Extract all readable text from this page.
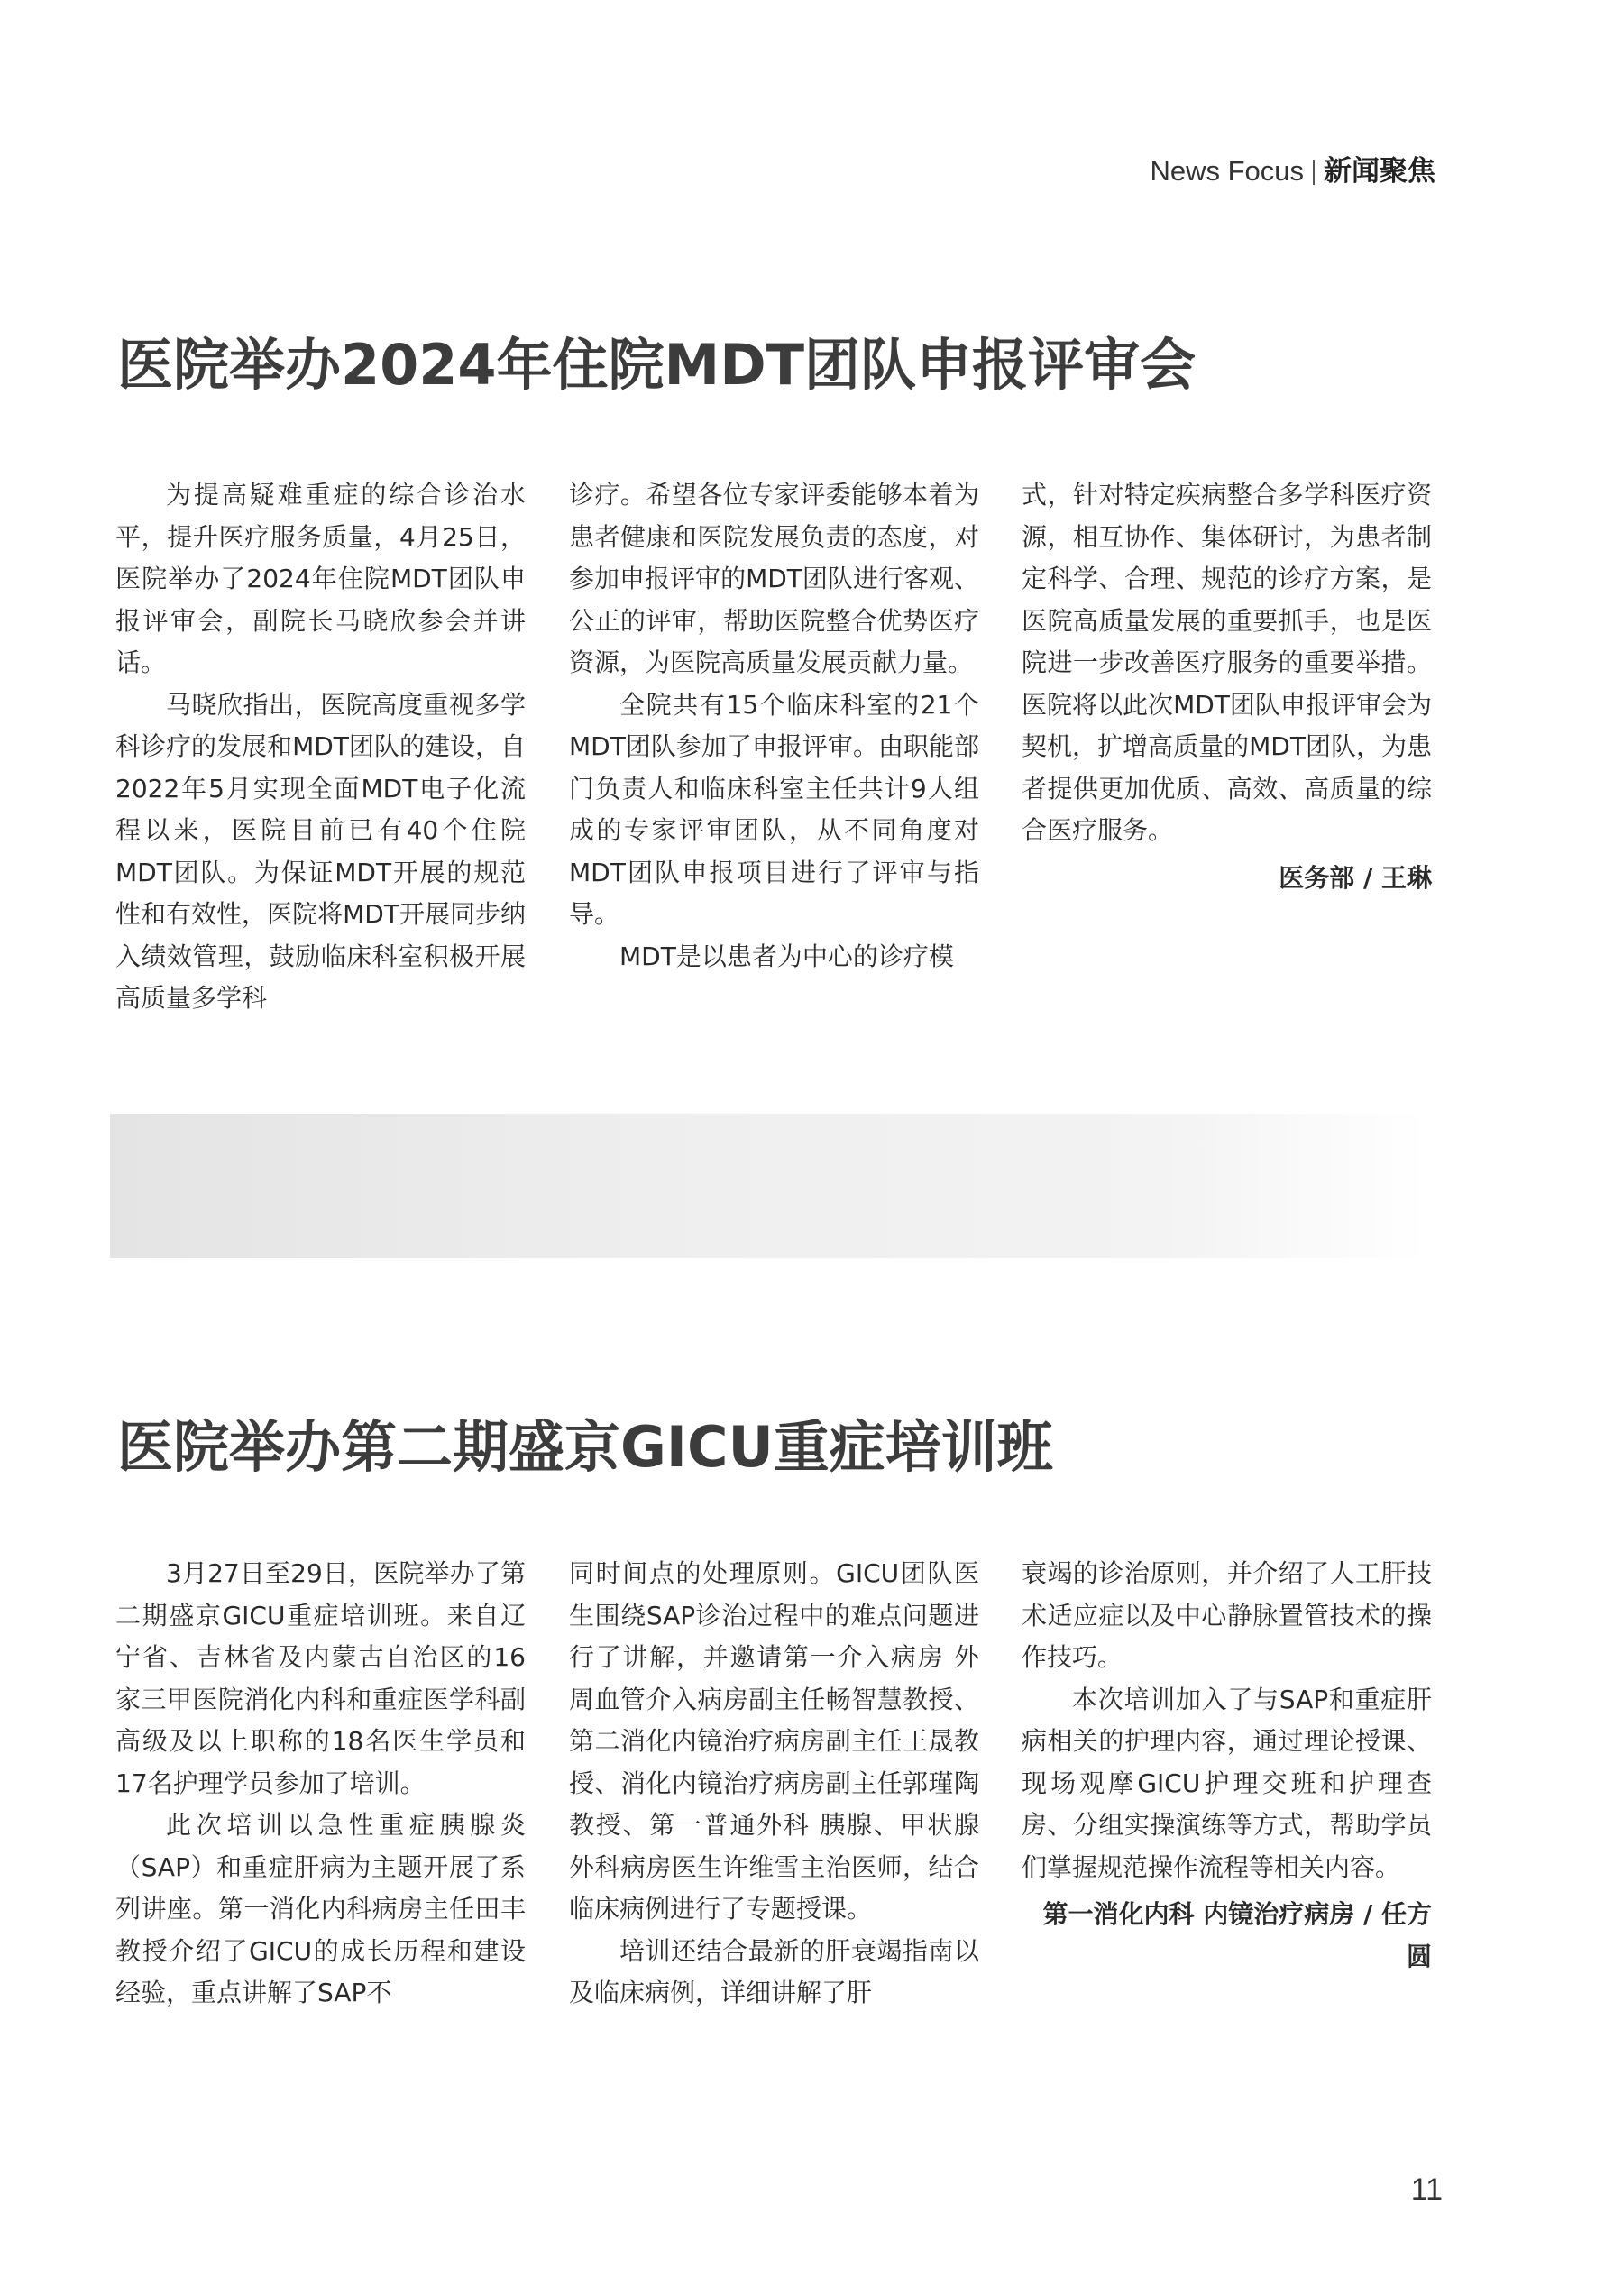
News Focus 新闻聚焦
医院举办2024年住院MDT团队申报评审会

为提高疑难重症的综合诊治水平，提升医疗服务质量，4月25日，医院举办了2024年住院MDT团队申报评审会，副院长马晓欣参会并讲话。

马晓欣指出，医院高度重视多学科诊疗的发展和MDT团队的建设，自2022年5月实现全面MDT电子化流程以来，医院目前已有40个住院MDT团队。为保证MDT开展的规范性和有效性，医院将MDT开展同步纳入绩效管理，鼓励临床科室积极开展高质量多学科

诊疗。希望各位专家评委能够本着为患者健康和医院发展负责的态度，对参加申报评审的MDT团队进行客观、公正的评审，帮助医院整合优势医疗资源，为医院高质量发展贡献力量。

全院共有15个临床科室的21个MDT团队参加了申报评审。由职能部门负责人和临床科室主任共计9人组成的专家评审团队，从不同角度对MDT团队申报项目进行了评审与指导。

MDT是以患者为中心的诊疗模

式，针对特定疾病整合多学科医疗资源，相互协作、集体研讨，为患者制定科学、合理、规范的诊疗方案，是医院高质量发展的重要抓手，也是医院进一步改善医疗服务的重要举措。医院将以此次MDT团队申报评审会为契机，扩增高质量的MDT团队，为患者提供更加优质、高效、高质量的综合医疗服务。

医务部 / 王琳

医院举办第二期盛京GICU重症培训班

3月27日至29日，医院举办了第二期盛京GICU重症培训班。来自辽宁省、吉林省及内蒙古自治区的16家三甲医院消化内科和重症医学科副高级及以上职称的18名医生学员和17名护理学员参加了培训。

此次培训以急性重症胰腺炎（SAP）和重症肝病为主题开展了系列讲座。第一消化内科病房主任田丰教授介绍了GICU的成长历程和建设经验，重点讲解了SAP不

同时间点的处理原则。GICU团队医生围绕SAP诊治过程中的难点问题进行了讲解，并邀请第一介入病房 外周血管介入病房副主任畅智慧教授、第二消化内镜治疗病房副主任王晟教授、消化内镜治疗病房副主任郭瑾陶教授、第一普通外科 胰腺、甲状腺外科病房医生许维雪主治医师，结合临床病例进行了专题授课。

培训还结合最新的肝衰竭指南以及临床病例，详细讲解了肝

衰竭的诊治原则，并介绍了人工肝技术适应症以及中心静脉置管技术的操作技巧。

本次培训加入了与SAP和重症肝病相关的护理内容，通过理论授课、现场观摩GICU护理交班和护理查房、分组实操演练等方式，帮助学员们掌握规范操作流程等相关内容。

第一消化内科 内镜治疗病房 / 任方圆

11
